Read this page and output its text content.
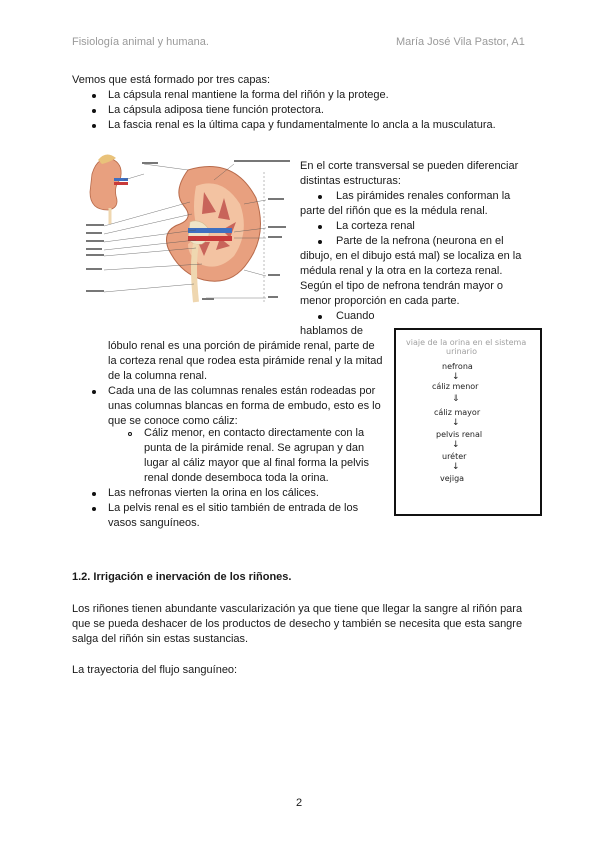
Fisiología animal y humana.	María José Vila Pastor, A1
Vemos que está formado por tres capas:
La cápsula renal mantiene la forma del riñón y la protege.
La cápsula adiposa tiene función protectora.
La fascia renal es la última capa y fundamentalmente lo ancla a la musculatura.
En el corte transversal se pueden diferenciar
distintas estructuras:
Las pirámides renales conforman la
parte del riñón que es la médula renal.
La corteza renal
Parte de la nefrona (neurona en el
dibujo, en el dibujo está mal) se localiza en la
médula renal y la otra en la corteza renal.
Según el tipo de nefrona tendrán mayor o
menor proporción en cada parte.
Cuando
hablamos de
lóbulo renal es una porción de pirámide renal, parte de
la corteza renal que rodea esta pirámide renal y la mitad
de la columna renal.
Cada una de las columnas renales están rodeadas por
unas columnas blancas en forma de embudo, esto es lo
que se conoce como cáliz:
Cáliz menor, en contacto directamente con la
punta de la pirámide renal. Se agrupan y dan
lugar al cáliz mayor que al final forma la pelvis
renal donde desemboca toda la orina.
Las nefronas vierten la orina en los cálices.
La pelvis renal es el sitio también de entrada de los
vasos sanguíneos.
viaje de la orina en el sistema
urinario
nefrona
↓
cáliz menor
⇓
cáliz mayor
↓
pelvis renal
↓
uréter
↓
vejiga
1.2. Irrigación e inervación de los riñones.
Los riñones tienen abundante vascularización ya que tiene que llegar la sangre al riñón para
que se pueda deshacer de los productos de desecho y también se necesita que esta sangre
salga del riñón sin estas sustancias.
La trayectoria del flujo sanguíneo:
2
